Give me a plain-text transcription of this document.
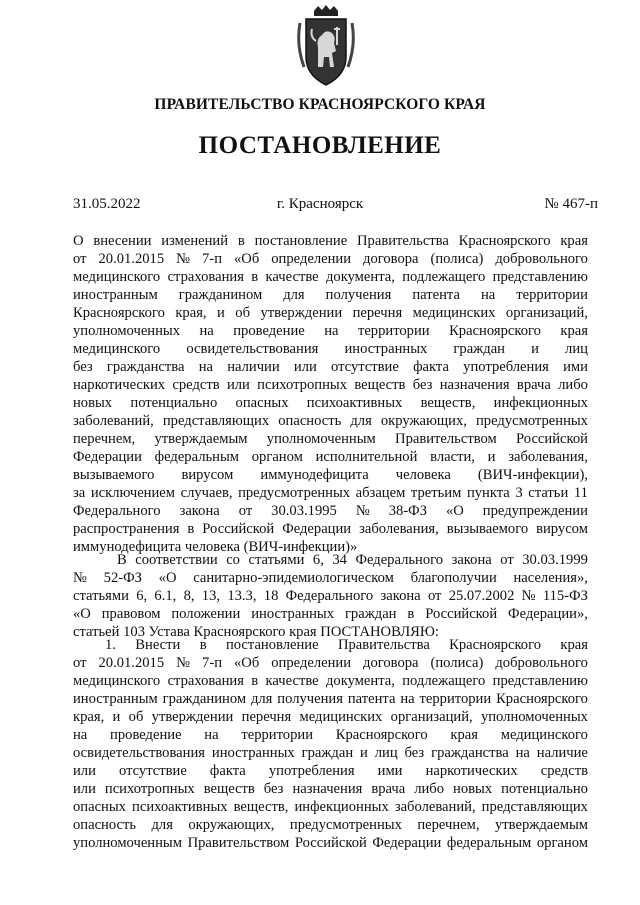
ПРАВИТЕЛЬСТВО КРАСНОЯРСКОГО КРАЯ
ПОСТАНОВЛЕНИЕ
31.05.2022	г. Красноярск	№ 467-п
О внесении изменений в постановление Правительства Красноярского края
от 20.01.2015 № 7-п «Об определении договора (полиса) добровольного
медицинского страхования в качестве документа, подлежащего представлению
иностранным гражданином для получения патента на территории
Красноярского края, и об утверждении перечня медицинских организаций,
уполномоченных на проведение на территории Красноярского края
медицинского освидетельствования иностранных граждан и лиц
без гражданства на наличии или отсутствие факта употребления ими
наркотических средств или психотропных веществ без назначения врача либо
новых потенциально опасных психоактивных веществ, инфекционных
заболеваний, представляющих опасность для окружающих, предусмотренных
перечнем, утверждаемым уполномоченным Правительством Российской
Федерации федеральным органом исполнительной власти, и заболевания,
вызываемого вирусом иммунодефицита человека (ВИЧ-инфекции),
за исключением случаев, предусмотренных абзацем третьим пункта 3 статьи 11
Федерального закона от 30.03.1995 № 38-ФЗ «О предупреждении
распространения в Российской Федерации заболевания, вызываемого вирусом
иммунодефицита человека (ВИЧ-инфекции)»
В соответствии со статьями 6, 34 Федерального закона от 30.03.1999
№ 52-ФЗ «О санитарно-эпидемиологическом благополучии населения»,
статьями 6, 6.1, 8, 13, 13.3, 18 Федерального закона от 25.07.2002 № 115-ФЗ
«О правовом положении иностранных граждан в Российской Федерации»,
статьей 103 Устава Красноярского края ПОСТАНОВЛЯЮ:
1. Внести в постановление Правительства Красноярского края
от 20.01.2015 № 7-п «Об определении договора (полиса) добровольного
медицинского страхования в качестве документа, подлежащего представлению
иностранным гражданином для получения патента на территории Красноярского
края, и об утверждении перечня медицинских организаций, уполномоченных
на проведение на территории Красноярского края медицинского
освидетельствования иностранных граждан и лиц без гражданства на наличие
или отсутствие факта употребления ими наркотических средств
или психотропных веществ без назначения врача либо новых потенциально
опасных психоактивных веществ, инфекционных заболеваний, представляющих
опасность для окружающих, предусмотренных перечнем, утверждаемым
уполномоченным Правительством Российской Федерации федеральным органом
